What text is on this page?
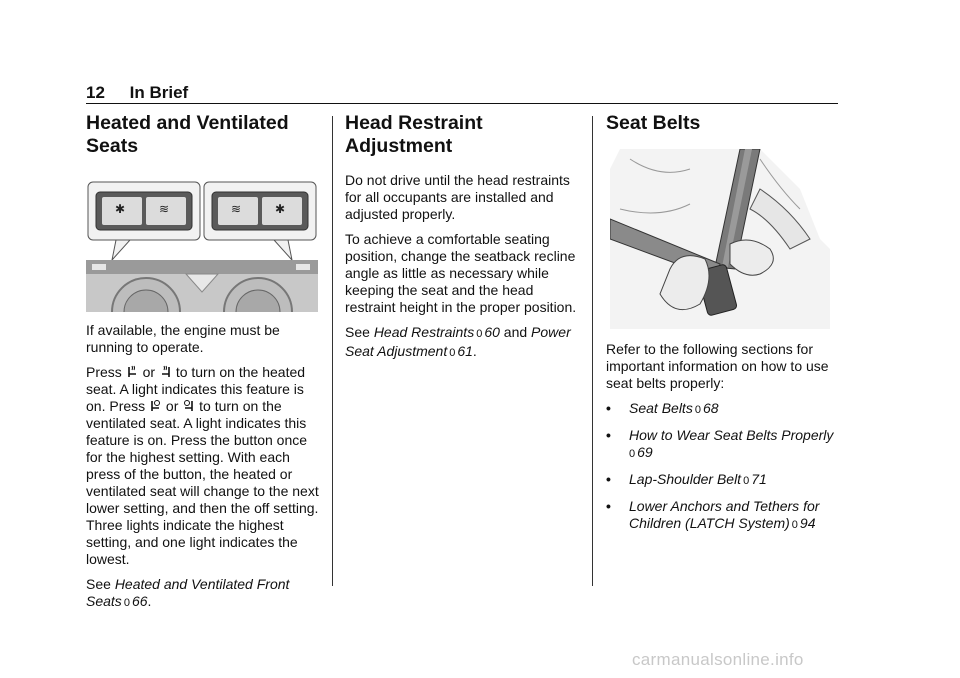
12 In Brief
Heated and Ventilated Seats
✱	≋	≋	✱

If available, the engine must be running to operate.

Press or to turn on the heated seat. A light indicates this feature is on. Press or to turn on the ventilated seat. A light indicates this feature is on. Press the button once for the highest setting. With each press of the button, the heated or ventilated seat will change to the next lower setting, and then the off setting. Three lights indicate the highest setting, and one light indicates the lowest.

See Heated and Ventilated Front Seats 0 66.

Head Restraint Adjustment

Do not drive until the head restraints for all occupants are installed and adjusted properly.

To achieve a comfortable seating position, change the seatback recline angle as little as necessary while keeping the seat and the head restraint height in the proper position.

See Head Restraints 0 60 and Power Seat Adjustment 0 61.

Seat Belts

Refer to the following sections for important information on how to use seat belts properly:

• Seat Belts 0 68
• How to Wear Seat Belts Properly
0 69
• Lap-Shoulder Belt 0 71
• Lower Anchors and Tethers for Children (LATCH System) 0 94
carmanualsonline.info
